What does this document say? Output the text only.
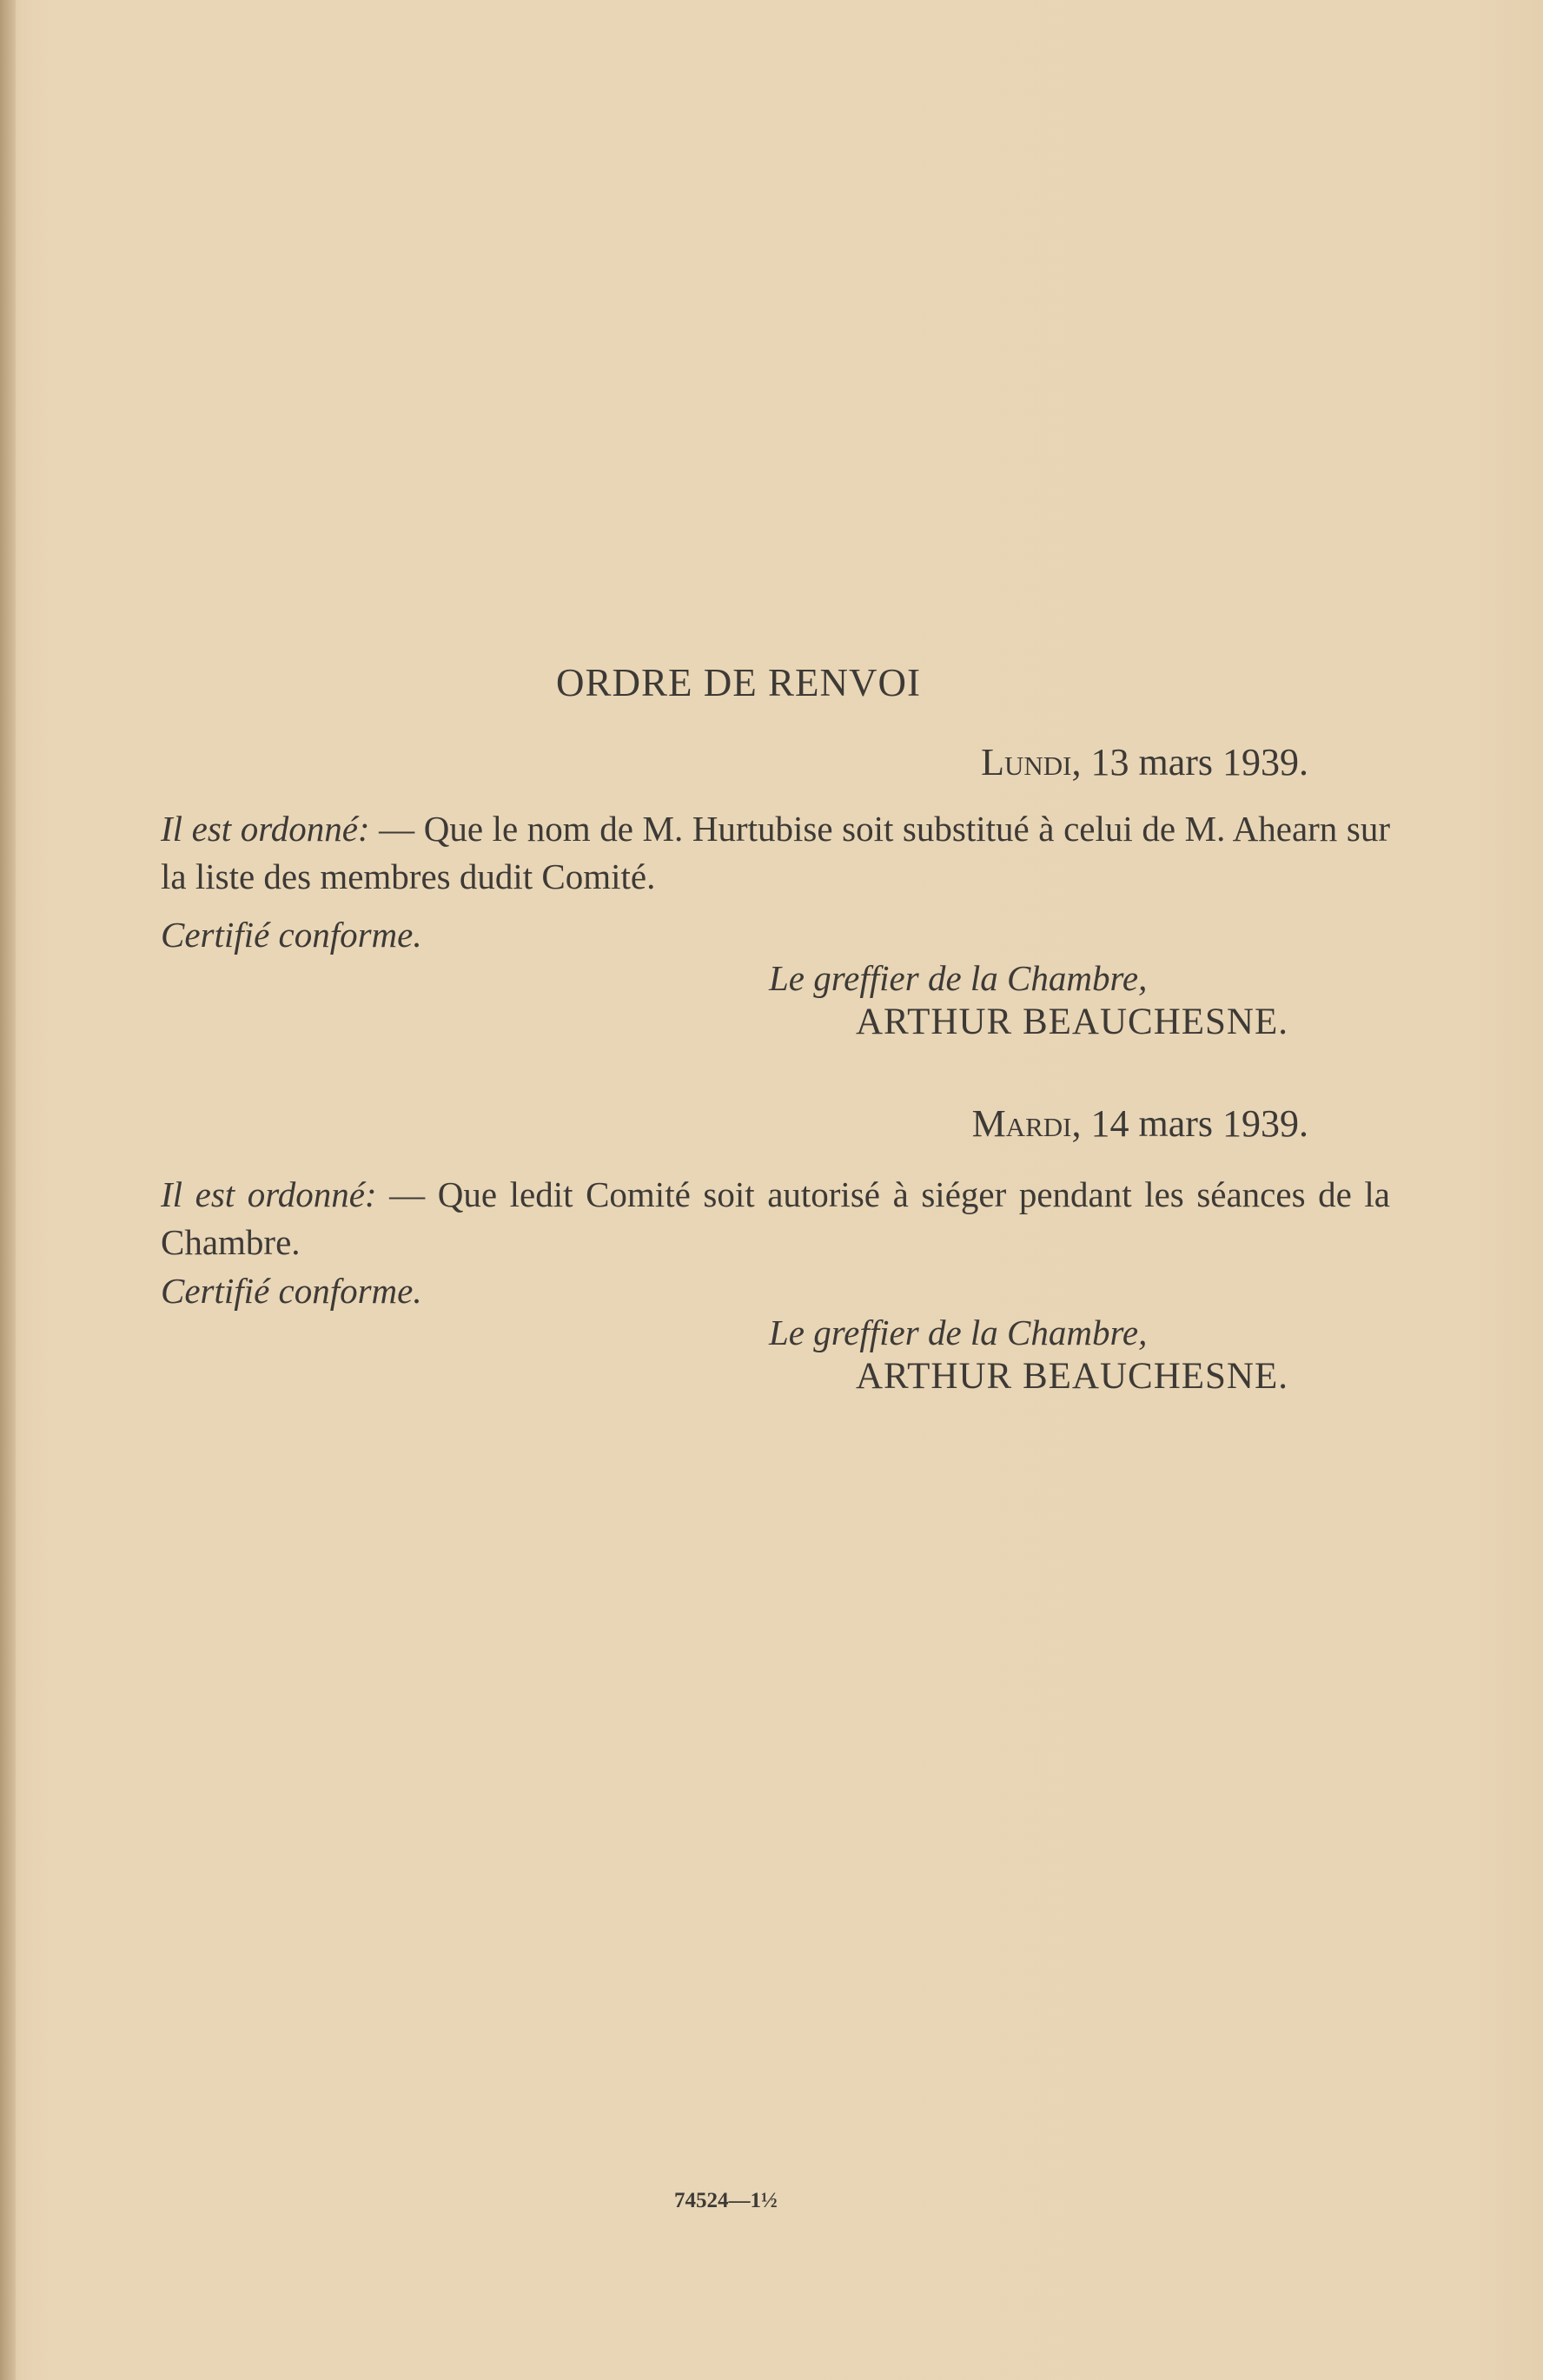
ORDRE DE RENVOI
Lundi, 13 mars 1939.
Il est ordonné: — Que le nom de M. Hurtubise soit substitué à celui de M. Ahearn sur la liste des membres dudit Comité.
Certifié conforme.
Le greffier de la Chambre,
ARTHUR BEAUCHESNE.
Mardi, 14 mars 1939.
Il est ordonné: — Que ledit Comité soit autorisé à siéger pendant les séances de la Chambre.
Certifié conforme.
Le greffier de la Chambre,
ARTHUR BEAUCHESNE.
74524—1½
